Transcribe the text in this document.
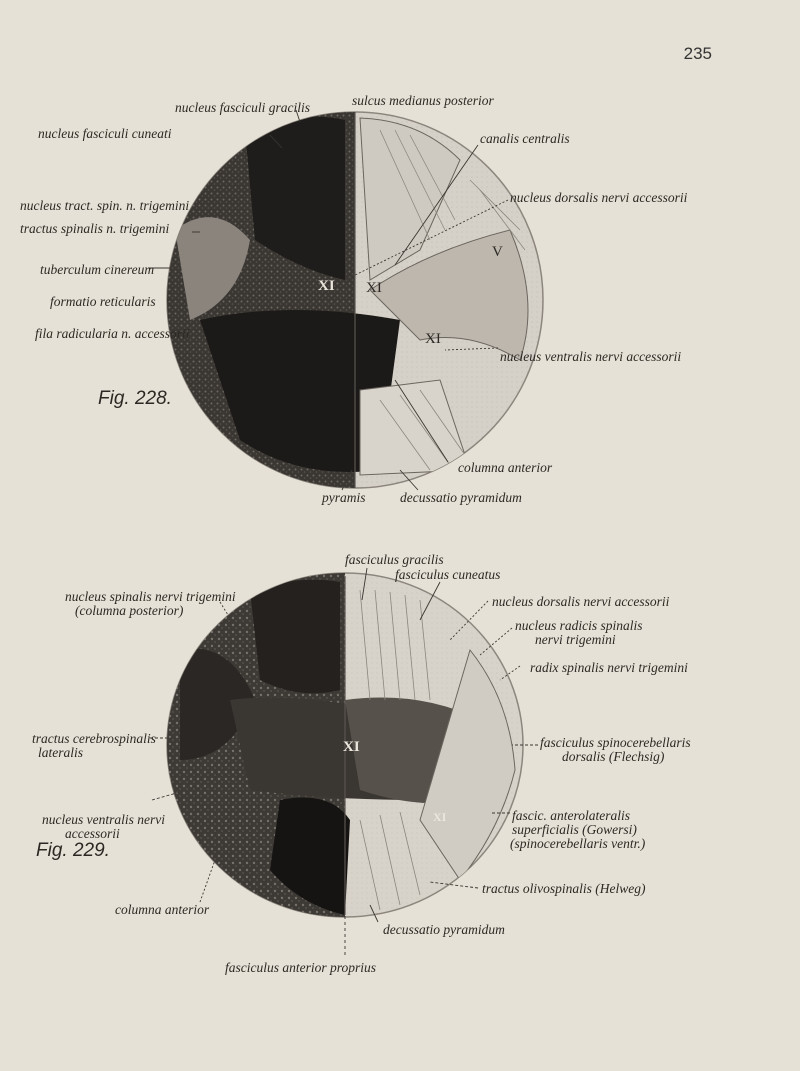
235
sulcus medianus posterior
nucleus fasciculi gracilis
nucleus fasciculi cuneati	canalis centralis
nucleus tract. spin. n. trigemini
tractus spinalis n. trigemini
nucleus dorsalis nervi accessorii
tuberculum cinereum
formatio reticularis
fila radicularia n. accessorii
nucleus ventralis nervi accessorii
columna anterior
pyramis	decussatio pyramidum
XI XI
XI
V
Fig. 228.
fasciculus gracilis
fasciculus cuneatus
nucleus spinalis nervi trigemini
(columna posterior)
nucleus dorsalis nervi accessorii
nucleus radicis spinalis
nervi trigemini
radix spinalis nervi trigemini
tractus cerebrospinalis
lateralis
fasciculus spinocerebellaris
dorsalis (Flechsig)
nucleus ventralis nervi
accessorii
fascic. anterolateralis
superficialis (Gowersi)
(spinocerebellaris ventr.)
columna anterior
tractus olivospinalis (Helweg)
decussatio pyramidum
fasciculus anterior proprius
XI
XI
Fig. 229.
